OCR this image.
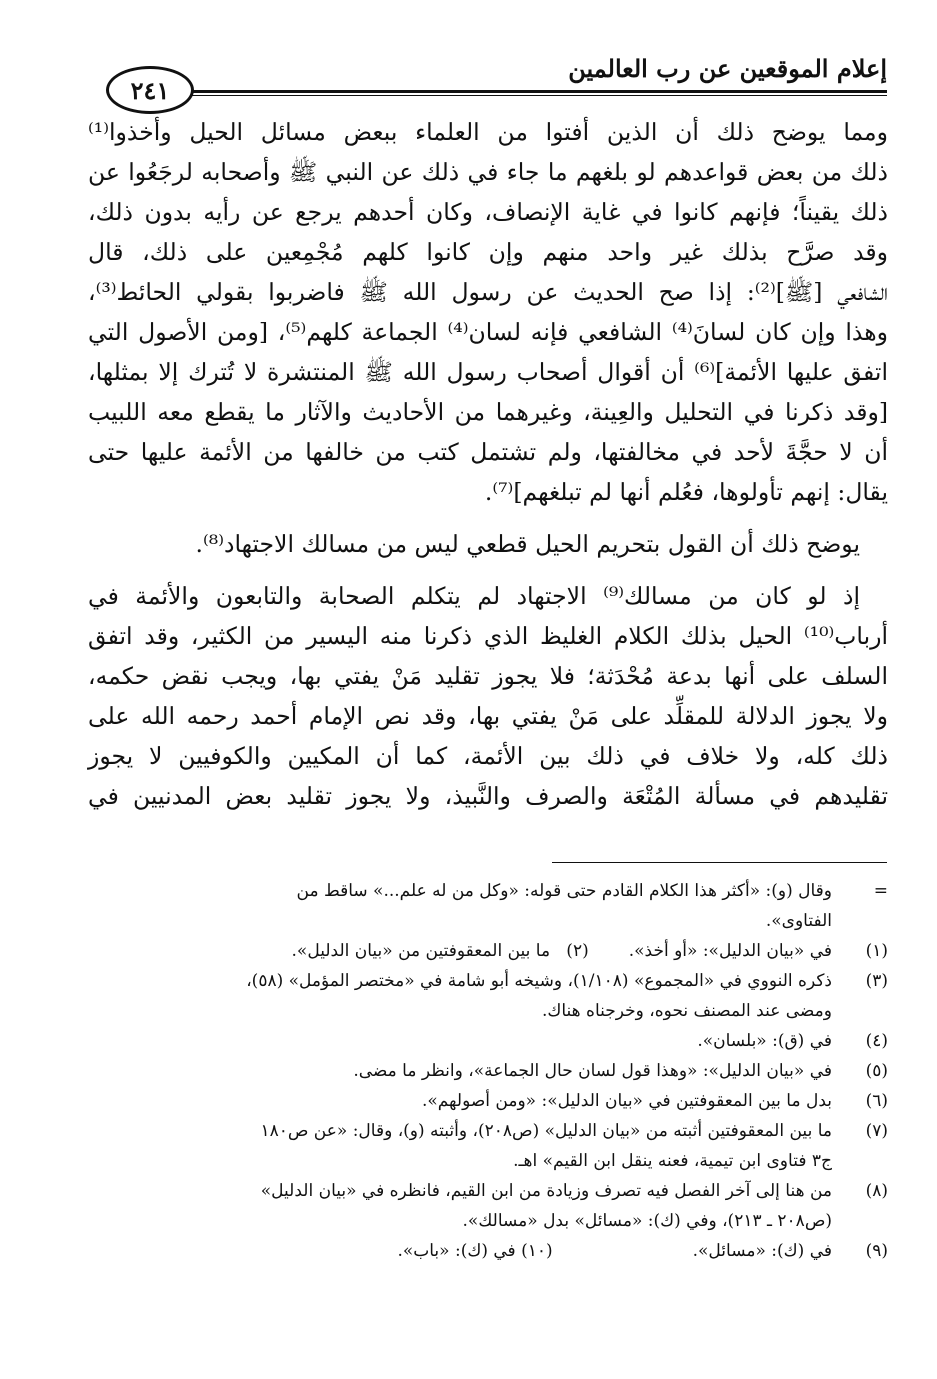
إعلام الموقعين عن رب العالمين
٢٤١
ومما يوضح ذلك أن الذين أفتوا من العلماء ببعض مسائل الحيل وأخذوا⁽¹⁾
ذلك من بعض قواعدهم لو بلغهم ما جاء في ذلك عن النبي ﷺ وأصحابه لرجَعُوا عن
ذلك يقيناً؛ فإنهم كانوا في غاية الإنصاف، وكان أحدهم يرجع عن رأيه بدون ذلك،
وقد صرَّح بذلك غير واحد منهم وإن كانوا كلهم مُجْمِعين على ذلك، قال
الشافعي [ﷺ]⁽²⁾: إذا صح الحديث عن رسول الله ﷺ فاضربوا بقولي الحائط⁽³⁾،
وهذا وإن كان لسانَ⁽⁴⁾ الشافعي فإنه لسان⁽⁴⁾ الجماعة كلهم⁽⁵⁾، [ومن الأصول التي
اتفق عليها الأئمة]⁽⁶⁾ أن أقوال أصحاب رسول الله ﷺ المنتشرة لا تُترك إلا بمثلها،
[وقد ذكرنا في التحليل والعِينة، وغيرهما من الأحاديث والآثار ما يقطع معه اللبيب
أن لا حجَّةَ لأحد في مخالفتها، ولم تشتمل كتب من خالفها من الأئمة عليها حتى
يقال: إنهم تأولوها، فعُلم أنها لم تبلغهم]⁽⁷⁾.
يوضح ذلك أن القول بتحريم الحيل قطعي ليس من مسالك الاجتهاد⁽⁸⁾.
إذ لو كان من مسالك⁽⁹⁾ الاجتهاد لم يتكلم الصحابة والتابعون والأئمة في
أرباب⁽¹⁰⁾ الحيل بذلك الكلام الغليظ الذي ذكرنا منه اليسير من الكثير، وقد اتفق
السلف على أنها بدعة مُحْدَثة؛ فلا يجوز تقليد مَنْ يفتي بها، ويجب نقض حكمه،
ولا يجوز الدلالة للمقلِّد على مَنْ يفتي بها، وقد نص الإمام أحمد رحمه الله على
ذلك كله، ولا خلاف في ذلك بين الأئمة، كما أن المكيين والكوفيين لا يجوز
تقليدهم في مسألة المُتْعَة والصرف والنَّبيذ، ولا يجوز تقليد بعض المدنيين في
=وقال (و): «أكثر هذا الكلام القادم حتى قوله: «وكل من له علم...» ساقط من
الفتاوى».
(١)في «بيان الدليل»: «أو أخذ».(٢)   ما بين المعقوفتين من «بيان الدليل».
(٣)ذكره النووي في «المجموع» (١/١٠٨)، وشيخه أبو شامة في «مختصر المؤمل» (٥٨)،
ومضى عند المصنف نحوه، وخرجناه هناك.
(٤)في (ق): «بلسان».
(٥)في «بيان الدليل»: «وهذا قول لسان حال الجماعة»، وانظر ما مضى.
(٦)بدل ما بين المعقوفتين في «بيان الدليل»: «ومن أصولهم».
(٧)ما بين المعقوفتين أثبته من «بيان الدليل» (ص٢٠٨)، وأثبته (و)، وقال: «عن ص١٨٠
ج٣ فتاوى ابن تيمية، فعنه ينقل ابن القيم» اهـ.
(٨)من هنا إلى آخر الفصل فيه تصرف وزيادة من ابن القيم، فانظره في «بيان الدليل»
(ص٢٠٨ ـ ٢١٣)، وفي (ك): «مسائل» بدل «مسالك».
(٩)في (ك): «مسائل».(١٠) في (ك): «باب».
